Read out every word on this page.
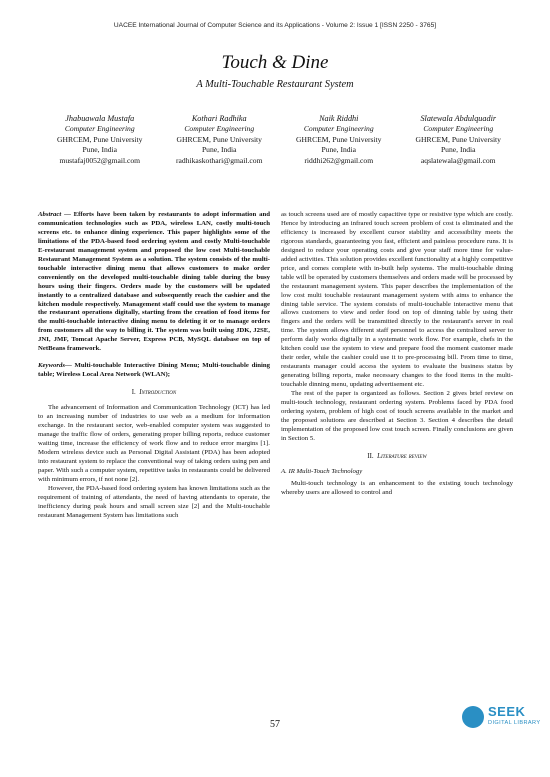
UACEE International Journal of Computer Science and its Applications - Volume 2: Issue 1 [ISSN 2250 - 3765]
Touch & Dine
A Multi-Touchable Restaurant System
Jhabuawala Mustafa
Computer Engineering
GHRCEM, Pune University
Pune, India
mustafaj0052@gmail.com
Kothari Radhika
Computer Engineering
GHRCEM, Pune University
Pune, India
radhikaskothari@gmail.com
Naik Riddhi
Computer Engineering
GHRCEM, Pune University
Pune, India
riddhi262@gmail.com
Slatewala Abdulquadir
Computer Engineering
GHRCEM, Pune University
Pune, India
aqslatewala@gmail.com

Abstract — Efforts have been taken by restaurants to adopt information and communication technologies such as PDA, wireless LAN, costly multi-touch screens etc. to enhance dining experience. This paper highlights some of the limitations of the PDA-based food ordering system and costly Multi-touchable E-restaurant management system and proposed the low cost Multi-touchable Restaurant Management System as a solution. The system consists of the multi-touchable interactive dining menu that allows customers to make order conveniently on the developed multi-touchable dining table during the busy hours using their fingers. Orders made by the customers will be updated instantly to a centralized database and subsequently reach the cashier and the kitchen module respectively. Management staff could use the system to manage the restaurant operations digitally, starting from the creation of food items for the multi-touchable interactive dining menu to deleting it or to manage orders from customers all the way to billing it. The system was built using JDK, J2SE, JNI, JMF, Tomcat Apache Server, Express PCB, MySQL database on top of NetBeans framework.

Keywords— Multi-touchable Interactive Dining Menu; Multi-touchable dining table; Wireless Local Area Network (WLAN);

I. Introduction

The advancement of Information and Communication Technology (ICT) has led to an increasing number of industries to use web as a medium for information exchange. In the restaurant sector, web-enabled computer system was suggested to manage the traffic flow of orders, generating proper billing reports, reduce customer waiting time, increase the efficiency of work flow and to reduce error margins [1]. Modern wireless device such as Personal Digital Assistant (PDA) has been adopted into restaurant system to replace the conventional way of taking orders using pen and paper. With such a computer system, repetitive tasks in restaurants could be delivered with minimum errors, if not none [2].

However, the PDA-based food ordering system has known limitations such as the requirement of training of attendants, the need of having attendants to operate, the inefficiency during peak hours and small screen size [2] and the Multi-touchable restaurant Management System has limitations such

as touch screens used are of mostly capacitive type or resistive type which are costly. Hence by introducing an infrared touch screen problem of cost is eliminated and the efficiency is increased by excellent cursor stability and accessibility meets the rigorous standards, guaranteeing you fast, efficient and painless procedure runs. It is designed to reduce your operating costs and give your staff more time for value-added activities. This solution provides excellent functionality at a highly competitive price, and comes complete with in-built help systems. The multi-touchable dining table will be operated by customers themselves and orders made will be processed by the restaurant management system. This paper describes the implementation of the low cost multi touchable restaurant management system with aims to enhance the dining table service. The system consists of multi-touchable interactive menu that allows customers to view and order food on top of dinning table by using their fingers and the orders will be transmitted directly to the restaurant's server in real time. The system allows different staff personnel to access the centralized server to perform daily works digitally in a systematic work flow. For example, chefs in the kitchen could use the system to view and prepare food the moment customer made their order, while the cashier could use it to pre-processing bill. From time to time, restaurants manager could access the system to evaluate the business status by generating billing reports, make necessary changes to the food items in the multi-touchable dinning menu, updating advertisement etc.

The rest of the paper is organized as follows. Section 2 gives brief review on multi-touch technology, restaurant ordering system. Problems faced by PDA food ordering system, problem of high cost of touch screens available in the market and the proposed solutions are described at Section 3. Section 4 describes the detail implementation of the proposed low cost touch screen. Finally conclusions are given in Section 5.

II. Literature review
A. IR Multi-Touch Technology

Multi-touch technology is an enhancement to the existing touch technology whereby users are allowed to control and

57
SEEK
DIGITAL LIBRARY
